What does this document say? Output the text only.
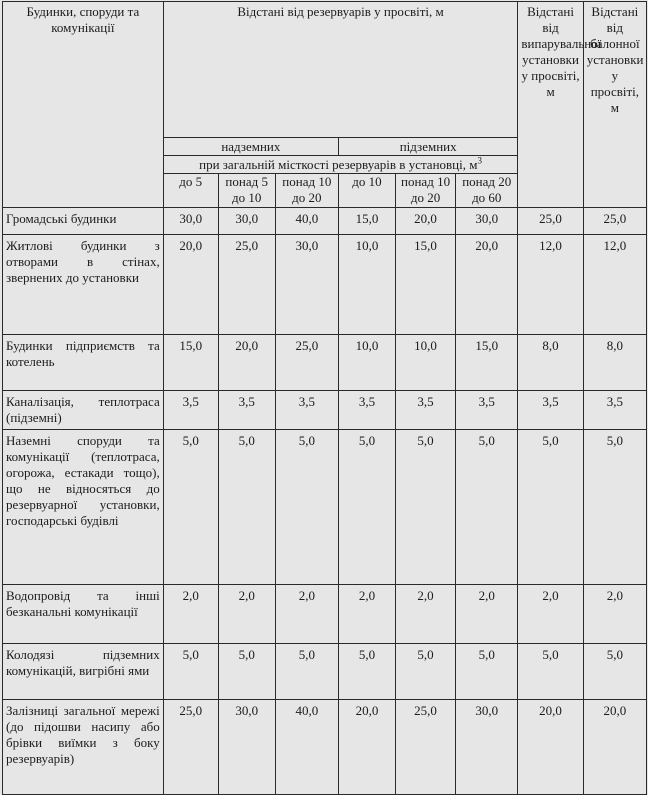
Будинки, споруди та комунікації	Відстані від резервуарів у просвіті, м						Відстані від випарувальної установки у просвіті, м	Відстані від балонної установки у просвіті, м
	надземних			підземних				
	при загальній місткості резервуарів в установці, $м^3$
	до 5	понад 5 до 10	понад 10 до 20	до 10	понад 10 до 20	понад 20 до 60		
Громадські будинки	30,0	30,0	40,0	15,0	20,0	30,0	25,0	25,0
Житлові будинки з отворами в стінах, звернених до установки	20,0	25,0	30,0	10,0	15,0	20,0	12,0	12,0
Будинки підприємств та котелень	15,0	20,0	25,0	10,0	10,0	15,0	8,0	8,0
Каналізація, теплотраса (підземні)	3,5	3,5	3,5	3,5	3,5	3,5	3,5	3,5
Наземні споруди та комунікації (теплотраса, огорожа, естакади тощо), що не відносяться до резервуарної установки, господарські будівлі	5,0	5,0	5,0	5,0	5,0	5,0	5,0	5,0
Водопровід та інші безканальні комунікації	2,0	2,0	2,0	2,0	2,0	2,0	2,0	2,0
Колодязі підземних комунікацій, вигрібні ями	5,0	5,0	5,0	5,0	5,0	5,0	5,0	5,0
Залізниці загальної мережі (до підошви насипу або брівки виїмки з боку резервуарів)	25,0	30,0	40,0	20,0	25,0	30,0	20,0	20,0
